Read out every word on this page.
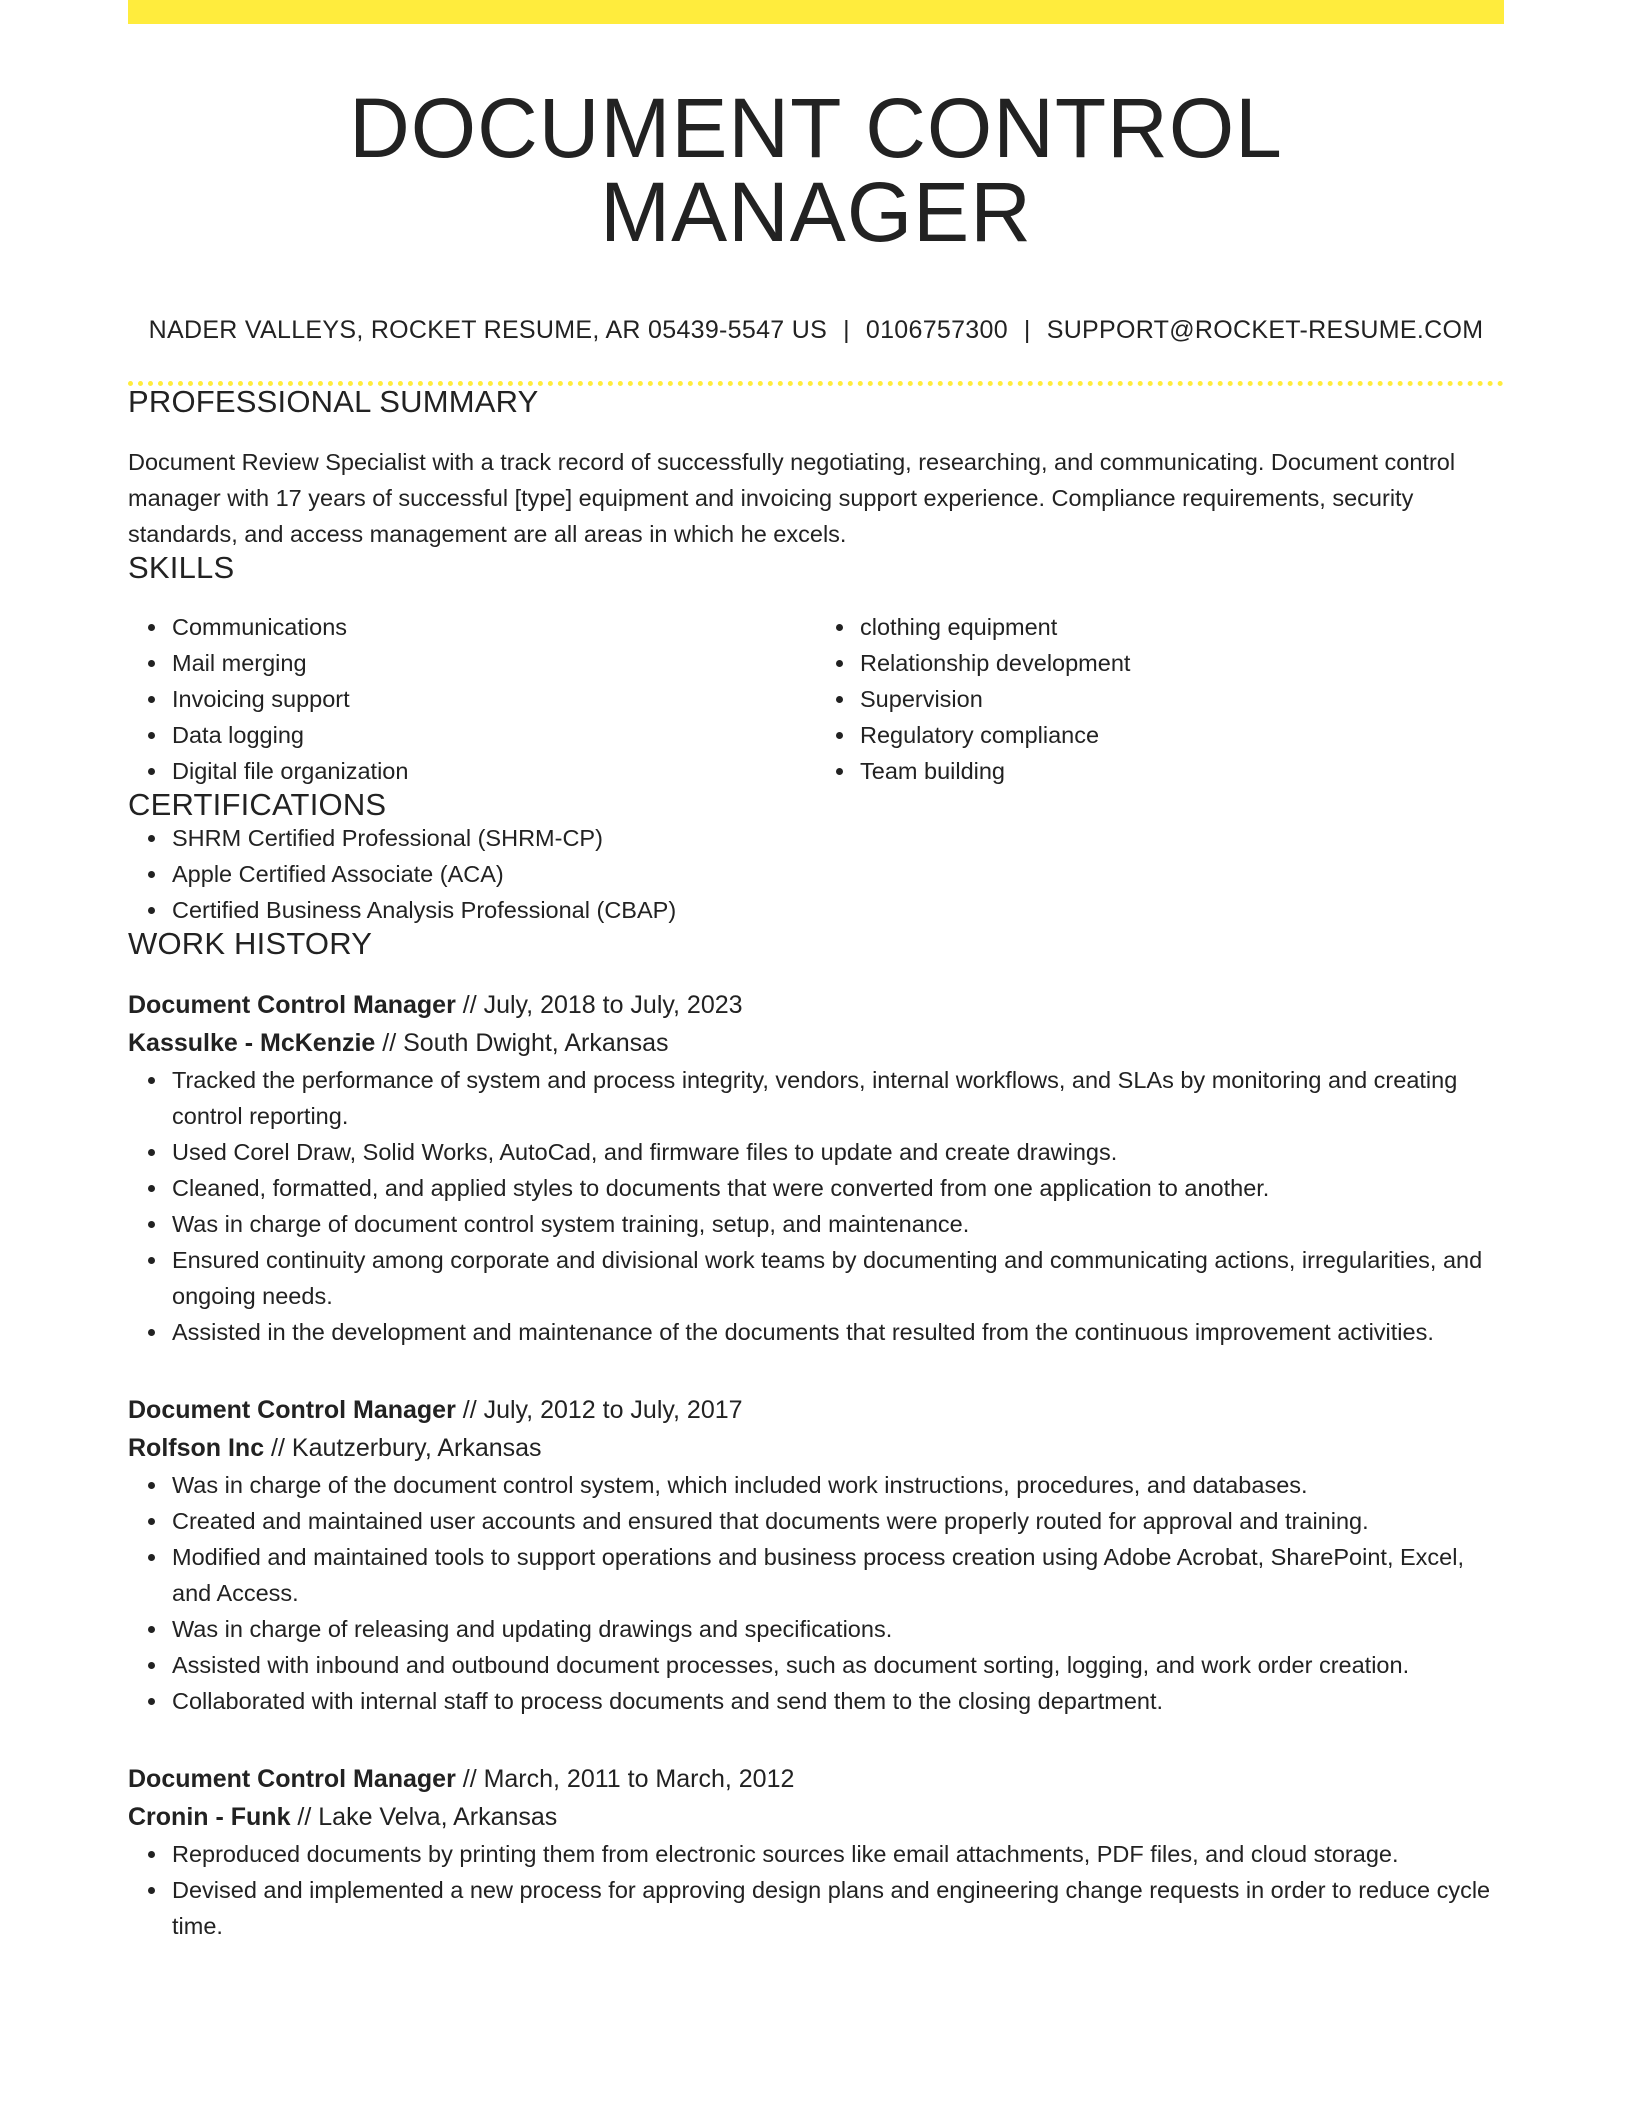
DOCUMENT CONTROL MANAGER
NADER VALLEYS, ROCKET RESUME, AR 05439-5547 US | 0106757300 | SUPPORT@ROCKET-RESUME.COM
PROFESSIONAL SUMMARY

Document Review Specialist with a track record of successfully negotiating, researching, and communicating. Document control manager with 17 years of successful [type] equipment and invoicing support experience. Compliance requirements, security standards, and access management are all areas in which he excels.

SKILLS
Communications
Mail merging
Invoicing support
Data logging
Digital file organization
clothing equipment
Relationship development
Supervision
Regulatory compliance
Team building
CERTIFICATIONS
SHRM Certified Professional (SHRM-CP)
Apple Certified Associate (ACA)
Certified Business Analysis Professional (CBAP)
WORK HISTORY
Document Control Manager // July, 2018 to July, 2023
Kassulke - McKenzie // South Dwight, Arkansas
Tracked the performance of system and process integrity, vendors, internal workflows, and SLAs by monitoring and creating control reporting.
Used Corel Draw, Solid Works, AutoCad, and firmware files to update and create drawings.
Cleaned, formatted, and applied styles to documents that were converted from one application to another.
Was in charge of document control system training, setup, and maintenance.
Ensured continuity among corporate and divisional work teams by documenting and communicating actions, irregularities, and ongoing needs.
Assisted in the development and maintenance of the documents that resulted from the continuous improvement activities.
Document Control Manager // July, 2012 to July, 2017
Rolfson Inc // Kautzerbury, Arkansas
Was in charge of the document control system, which included work instructions, procedures, and databases.
Created and maintained user accounts and ensured that documents were properly routed for approval and training.
Modified and maintained tools to support operations and business process creation using Adobe Acrobat, SharePoint, Excel, and Access.
Was in charge of releasing and updating drawings and specifications.
Assisted with inbound and outbound document processes, such as document sorting, logging, and work order creation.
Collaborated with internal staff to process documents and send them to the closing department.
Document Control Manager // March, 2011 to March, 2012
Cronin - Funk // Lake Velva, Arkansas
Reproduced documents by printing them from electronic sources like email attachments, PDF files, and cloud storage.
Devised and implemented a new process for approving design plans and engineering change requests in order to reduce cycle time.
